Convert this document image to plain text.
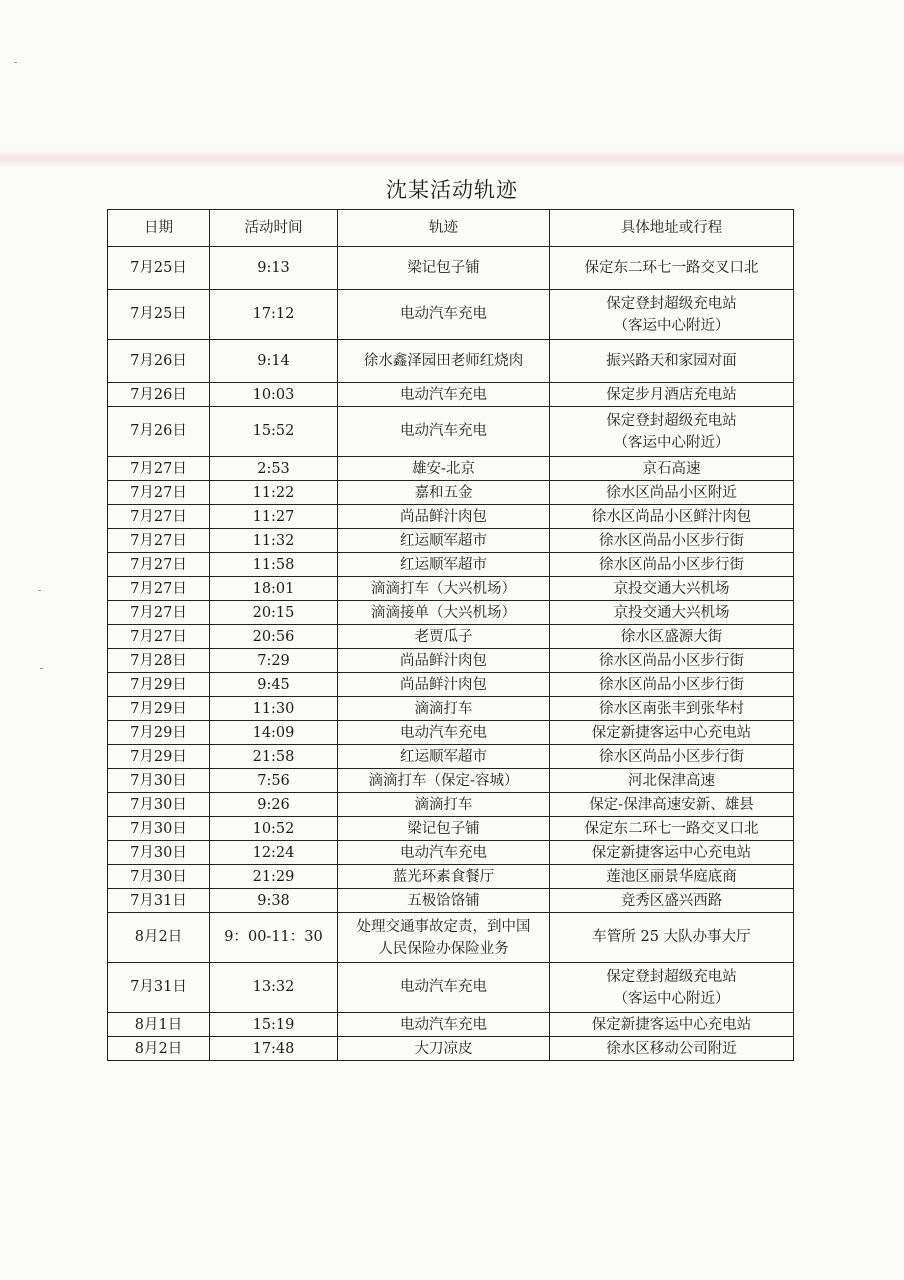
沈某活动轨迹
日期	活动时间	轨迹	具体地址或行程
7月25日	9:13	梁记包子铺	保定东二环七一路交叉口北
7月25日	17:12	电动汽车充电	保定登封超级充电站
（客运中心附近）

7月26日	9:14	徐水鑫泽园田老师红烧肉	振兴路天和家园对面
7月26日	10:03	电动汽车充电	保定步月酒店充电站
7月26日	15:52	电动汽车充电	保定登封超级充电站
（客运中心附近）

7月27日	2:53	雄安-北京	京石高速
7月27日	11:22	嘉和五金	徐水区尚品小区附近
7月27日	11:27	尚品鲜汁肉包	徐水区尚品小区鲜汁肉包
7月27日	11:32	红运顺军超市	徐水区尚品小区步行街
7月27日	11:58	红运顺军超市	徐水区尚品小区步行街
7月27日	18:01	滴滴打车（大兴机场）	京投交通大兴机场
7月27日	20:15	滴滴接单（大兴机场）	京投交通大兴机场
7月27日	20:56	老贾瓜子	徐水区盛源大街
7月28日	7:29	尚品鲜汁肉包	徐水区尚品小区步行街
7月29日	9:45	尚品鲜汁肉包	徐水区尚品小区步行街
7月29日	11:30	滴滴打车	徐水区南张丰到张华村
7月29日	14:09	电动汽车充电	保定新捷客运中心充电站
7月29日	21:58	红运顺军超市	徐水区尚品小区步行街
7月30日	7:56	滴滴打车（保定-容城）	河北保津高速
7月30日	9:26	滴滴打车	保定-保津高速安新、雄县
7月30日	10:52	梁记包子铺	保定东二环七一路交叉口北
7月30日	12:24	电动汽车充电	保定新捷客运中心充电站
7月30日	21:29	蓝光环素食餐厅	莲池区丽景华庭底商
7月31日	9:38	五极饸饹铺	竞秀区盛兴西路
8月2日	9：00-11：30	处理交通事故定责，到中国
人民保险办保险业务	车管所 25 大队办事大厅
7月31日	13:32	电动汽车充电	保定登封超级充电站
（客运中心附近）

8月1日	15:19	电动汽车充电	保定新捷客运中心充电站
8月2日	17:48	大刀凉皮	徐水区移动公司附近
